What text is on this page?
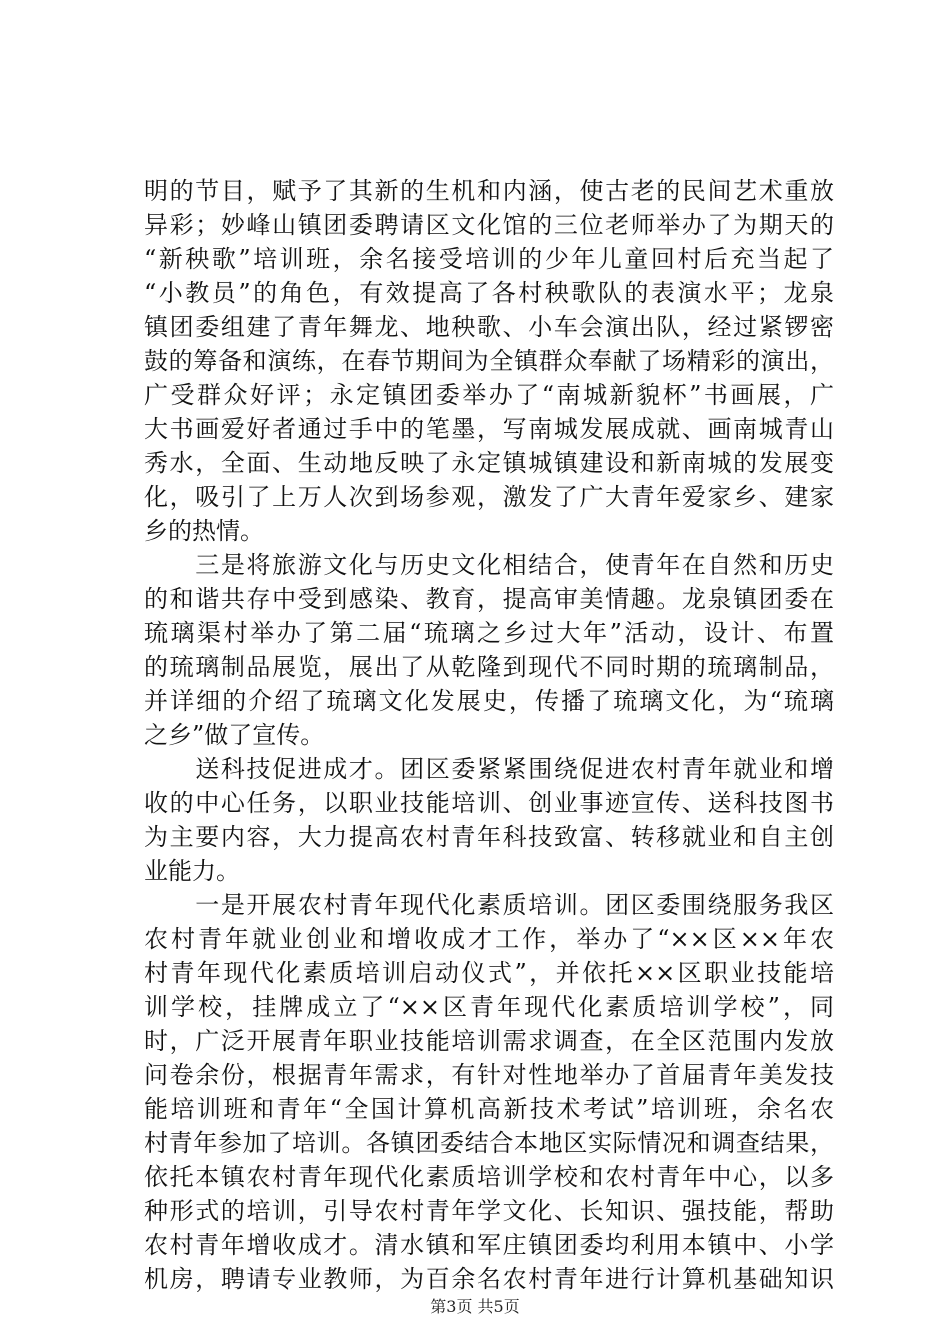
明的节目，赋予了其新的生机和内涵，使古老的民间艺术重放
异彩；妙峰山镇团委聘请区文化馆的三位老师举办了为期天的
“新秧歌”培训班，余名接受培训的少年儿童回村后充当起了
“小教员”的角色，有效提高了各村秧歌队的表演水平；龙泉
镇团委组建了青年舞龙、地秧歌、小车会演出队，经过紧锣密
鼓的筹备和演练，在春节期间为全镇群众奉献了场精彩的演出，
广受群众好评；永定镇团委举办了“南城新貌杯”书画展，广
大书画爱好者通过手中的笔墨，写南城发展成就、画南城青山
秀水，全面、生动地反映了永定镇城镇建设和新南城的发展变
化，吸引了上万人次到场参观，激发了广大青年爱家乡、建家
乡的热情。
　　三是将旅游文化与历史文化相结合，使青年在自然和历史
的和谐共存中受到感染、教育，提高审美情趣。龙泉镇团委在
琉璃渠村举办了第二届“琉璃之乡过大年”活动，设计、布置
的琉璃制品展览，展出了从乾隆到现代不同时期的琉璃制品，
并详细的介绍了琉璃文化发展史，传播了琉璃文化，为“琉璃
之乡”做了宣传。
　　送科技促进成才。团区委紧紧围绕促进农村青年就业和增
收的中心任务，以职业技能培训、创业事迹宣传、送科技图书
为主要内容，大力提高农村青年科技致富、转移就业和自主创
业能力。
　　一是开展农村青年现代化素质培训。团区委围绕服务我区
农村青年就业创业和增收成才工作，举办了“××区××年农
村青年现代化素质培训启动仪式”，并依托××区职业技能培
训学校，挂牌成立了“××区青年现代化素质培训学校”，同
时，广泛开展青年职业技能培训需求调查，在全区范围内发放
问卷余份，根据青年需求，有针对性地举办了首届青年美发技
能培训班和青年“全国计算机高新技术考试”培训班，余名农
村青年参加了培训。各镇团委结合本地区实际情况和调查结果，
依托本镇农村青年现代化素质培训学校和农村青年中心，以多
种形式的培训，引导农村青年学文化、长知识、强技能，帮助
农村青年增收成才。清水镇和军庄镇团委均利用本镇中、小学
机房，聘请专业教师，为百余名农村青年进行计算机基础知识
第3页 共5页
